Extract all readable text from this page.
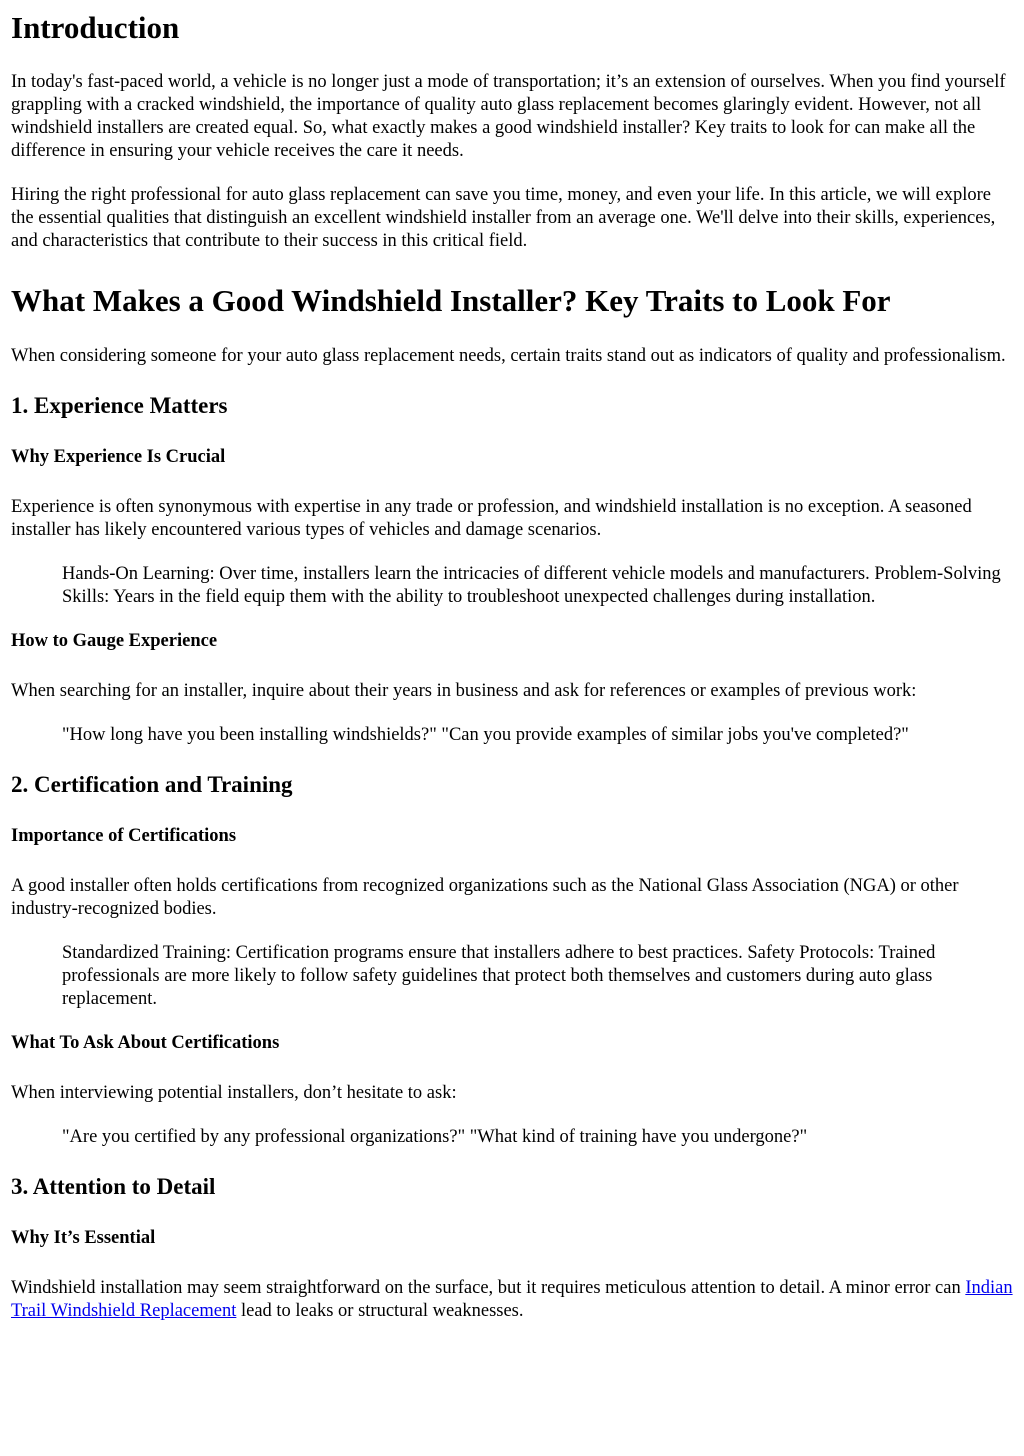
Introduction

In today's fast-paced world, a vehicle is no longer just a mode of transportation; it’s an extension of ourselves. When you find yourself grappling with a cracked windshield, the importance of quality auto glass replacement becomes glaringly evident. However, not all windshield installers are created equal. So, what exactly makes a good windshield installer? Key traits to look for can make all the difference in ensuring your vehicle receives the care it needs.

Hiring the right professional for auto glass replacement can save you time, money, and even your life. In this article, we will explore the essential qualities that distinguish an excellent windshield installer from an average one. We'll delve into their skills, experiences, and characteristics that contribute to their success in this critical field.

What Makes a Good Windshield Installer? Key Traits to Look For

When considering someone for your auto glass replacement needs, certain traits stand out as indicators of quality and professionalism.

1. Experience Matters
Why Experience Is Crucial

Experience is often synonymous with expertise in any trade or profession, and windshield installation is no exception. A seasoned installer has likely encountered various types of vehicles and damage scenarios.

Hands-On Learning: Over time, installers learn the intricacies of different vehicle models and manufacturers. Problem-Solving Skills: Years in the field equip them with the ability to troubleshoot unexpected challenges during installation.

How to Gauge Experience

When searching for an installer, inquire about their years in business and ask for references or examples of previous work:

"How long have you been installing windshields?" "Can you provide examples of similar jobs you've completed?"

2. Certification and Training
Importance of Certifications

A good installer often holds certifications from recognized organizations such as the National Glass Association (NGA) or other industry-recognized bodies.

Standardized Training: Certification programs ensure that installers adhere to best practices. Safety Protocols: Trained professionals are more likely to follow safety guidelines that protect both themselves and customers during auto glass replacement.

What To Ask About Certifications

When interviewing potential installers, don’t hesitate to ask:

"Are you certified by any professional organizations?" "What kind of training have you undergone?"

3. Attention to Detail
Why It’s Essential

Windshield installation may seem straightforward on the surface, but it requires meticulous attention to detail. A minor error can Indian Trail Windshield Replacement lead to leaks or structural weaknesses.
